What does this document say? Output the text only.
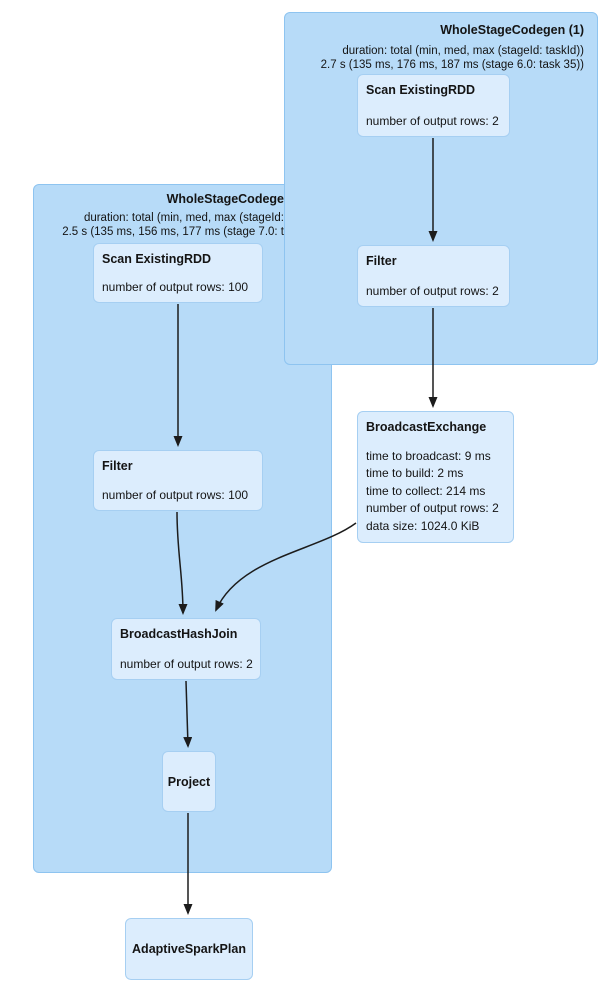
WholeStageCodege
duration: total (min, med, max (stageId:
2.5 s (135 ms, 156 ms, 177 ms (stage 7.0: t
WholeStageCodegen (1)
duration: total (min, med, max (stageId: taskId))
2.7 s (135 ms, 176 ms, 187 ms (stage 6.0: task 35))
Scan ExistingRDD
number of output rows: 2
Filter
number of output rows: 2
Scan ExistingRDD
number of output rows: 100
Filter
number of output rows: 100
BroadcastExchange
time to broadcast: 9 ms
time to build: 2 ms
time to collect: 214 ms
number of output rows: 2
data size: 1024.0 KiB
BroadcastHashJoin
number of output rows: 2
Project
AdaptiveSparkPlan
